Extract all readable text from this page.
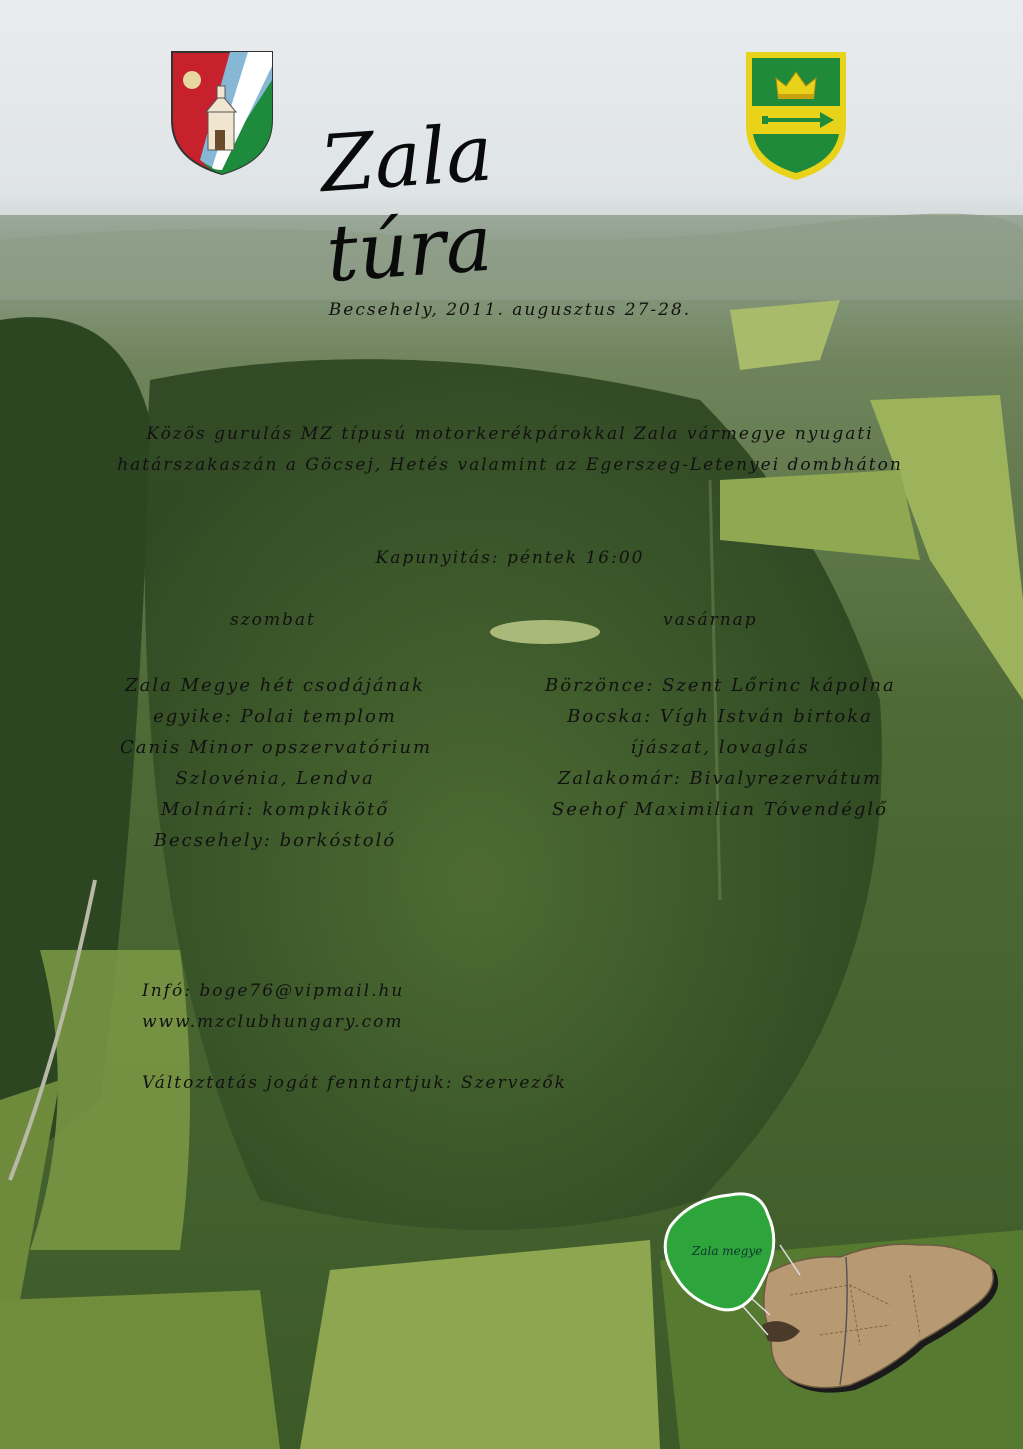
Zala túra
Becsehely, 2011. augusztus 27-28.
Közös gurulás MZ típusú motorkerékpárokkal Zala vármegye nyugati
határszakaszán a Göcsej, Hetés valamint az Egerszeg-Letenyei dombháton
Kapunyitás: péntek 16:00
szombat
Zala Megye hét csodájának
egyike: Polai templom
Canis Minor opszervatórium
Szlovénia, Lendva
Molnári: kompkikötő
Becsehely: borkóstoló
vasárnap
Börzönce: Szent Lőrinc kápolna
Bocska: Vígh István birtoka
íjászat, lovaglás
Zalakomár: Bivalyrezervátum
Seehof Maximilian Tóvendéglő
Infó: boge76@vipmail.hu
www.mzclubhungary.com
Változtatás jogát fenntartjuk: Szervezők
Zala megye
